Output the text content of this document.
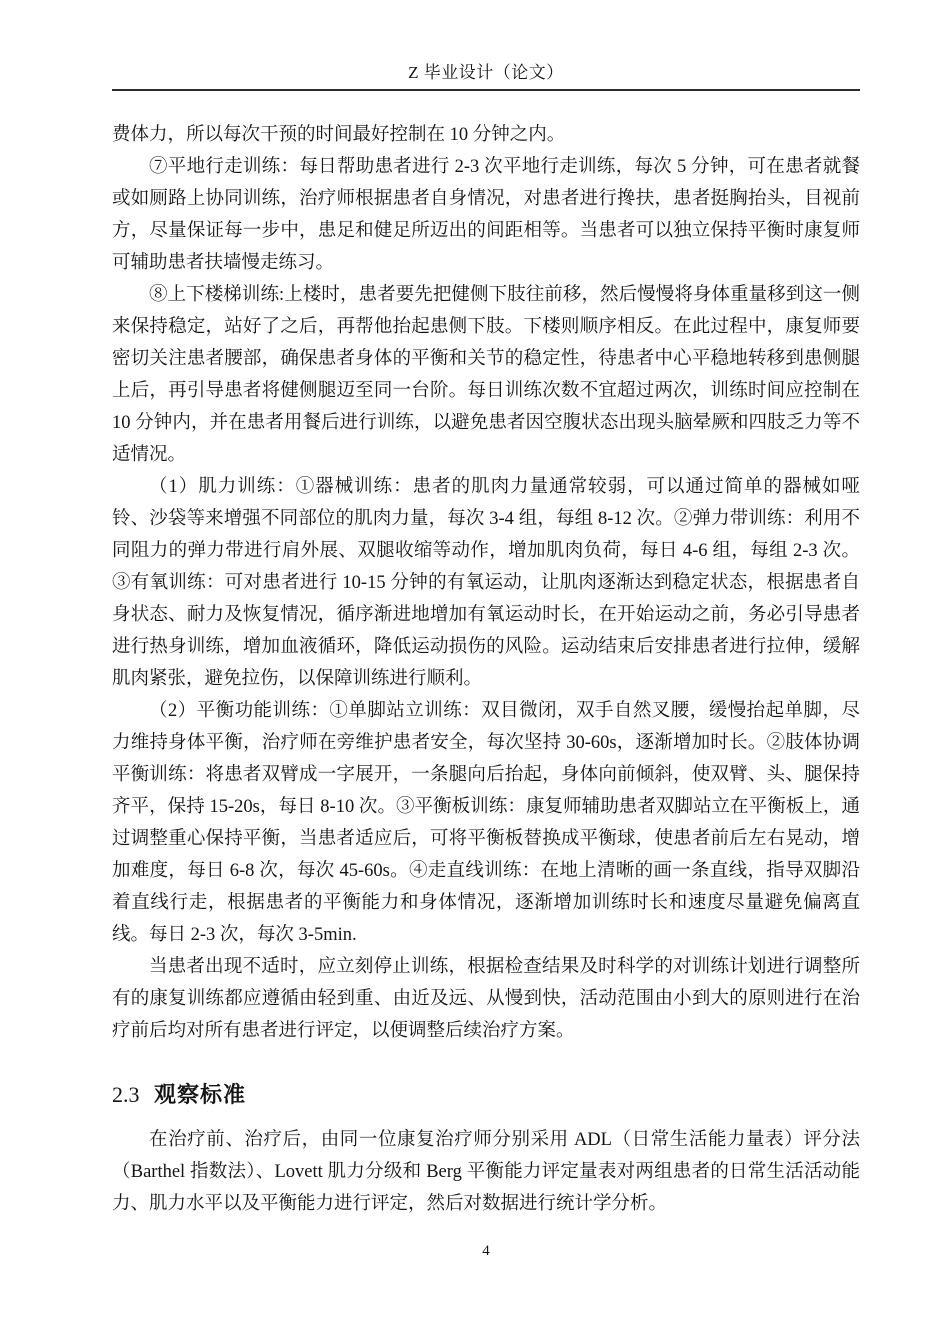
Z 毕业设计（论文）

费体力，所以每次干预的时间最好控制在 10 分钟之内。

⑦平地行走训练：每日帮助患者进行 2-3 次平地行走训练，每次 5 分钟，可在患者就餐或如厕路上协同训练，治疗师根据患者自身情况，对患者进行搀扶，患者挺胸抬头，目视前方，尽量保证每一步中，患足和健足所迈出的间距相等。当患者可以独立保持平衡时康复师可辅助患者扶墙慢走练习。

⑧上下楼梯训练:上楼时，患者要先把健侧下肢往前移，然后慢慢将身体重量移到这一侧来保持稳定，站好了之后，再帮他抬起患侧下肢。下楼则顺序相反。在此过程中，康复师要密切关注患者腰部，确保患者身体的平衡和关节的稳定性，待患者中心平稳地转移到患侧腿上后，再引导患者将健侧腿迈至同一台阶。每日训练次数不宜超过两次，训练时间应控制在 10 分钟内，并在患者用餐后进行训练，以避免患者因空腹状态出现头脑晕厥和四肢乏力等不适情况。

（1）肌力训练：①器械训练：患者的肌肉力量通常较弱，可以通过简单的器械如哑铃、沙袋等来增强不同部位的肌肉力量，每次 3-4 组，每组 8-12 次。②弹力带训练：利用不同阻力的弹力带进行肩外展、双腿收缩等动作，增加肌肉负荷，每日 4-6 组，每组 2-3 次。③有氧训练：可对患者进行 10-15 分钟的有氧运动，让肌肉逐渐达到稳定状态，根据患者自身状态、耐力及恢复情况，循序渐进地增加有氧运动时长，在开始运动之前，务必引导患者进行热身训练，增加血液循环，降低运动损伤的风险。运动结束后安排患者进行拉伸，缓解肌肉紧张，避免拉伤，以保障训练进行顺利。

（2）平衡功能训练：①单脚站立训练：双目微闭，双手自然叉腰，缓慢抬起单脚，尽力维持身体平衡，治疗师在旁维护患者安全，每次坚持 30-60s，逐渐增加时长。②肢体协调平衡训练：将患者双臂成一字展开，一条腿向后抬起，身体向前倾斜，使双臂、头、腿保持齐平，保持 15-20s，每日 8-10 次。③平衡板训练：康复师辅助患者双脚站立在平衡板上，通过调整重心保持平衡，当患者适应后，可将平衡板替换成平衡球，使患者前后左右晃动，增加难度，每日 6-8 次，每次 45-60s。④走直线训练：在地上清晰的画一条直线，指导双脚沿着直线行走，根据患者的平衡能力和身体情况，逐渐增加训练时长和速度尽量避免偏离直线。每日 2-3 次，每次 3-5min.

当患者出现不适时，应立刻停止训练，根据检查结果及时科学的对训练计划进行调整所有的康复训练都应遵循由轻到重、由近及远、从慢到快，活动范围由小到大的原则进行在治疗前后均对所有患者进行评定，以便调整后续治疗方案。

2.3 观察标准

在治疗前、治疗后，由同一位康复治疗师分别采用 ADL（日常生活能力量表）评分法（Barthel 指数法）、Lovett 肌力分级和 Berg 平衡能力评定量表对两组患者的日常生活活动能力、肌力水平以及平衡能力进行评定，然后对数据进行统计学分析。

4
